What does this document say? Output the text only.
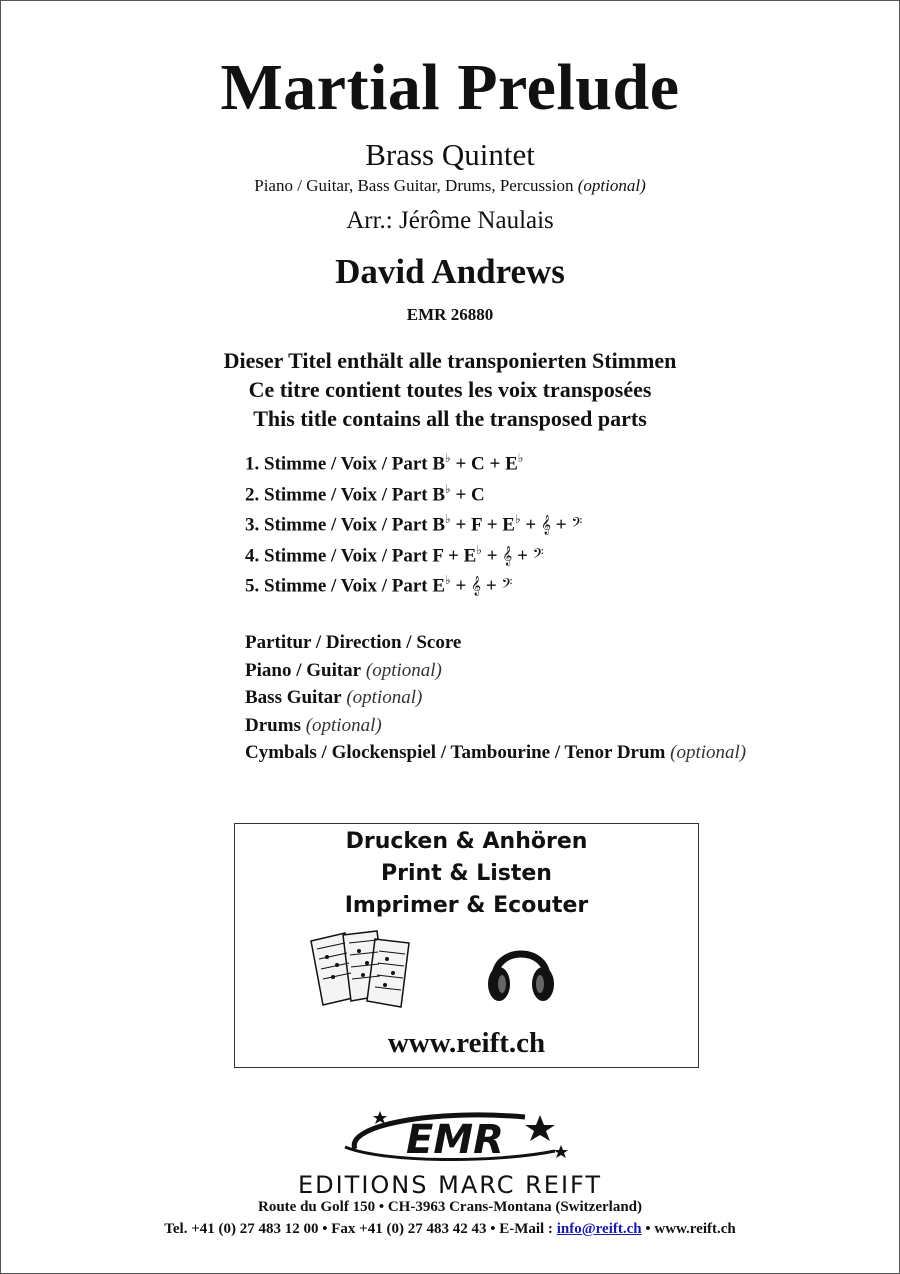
Martial Prelude
Brass Quintet
Piano / Guitar, Bass Guitar, Drums, Percussion (optional)
Arr.: Jérôme Naulais
David Andrews
EMR 26880
Dieser Titel enthält alle transponierten Stimmen
Ce titre contient toutes les voix transposées
This title contains all the transposed parts
1. Stimme / Voix / Part B♭ + C + E♭
2. Stimme / Voix / Part B♭ + C
3. Stimme / Voix / Part B♭ + F + E♭ + 𝄞 + 𝄢
4. Stimme / Voix / Part F + E♭ + 𝄞 + 𝄢
5. Stimme / Voix / Part E♭ + 𝄞 + 𝄢
Partitur / Direction / Score
Piano / Guitar (optional)
Bass Guitar (optional)
Drums (optional)
Cymbals / Glockenspiel / Tambourine / Tenor Drum (optional)
Drucken & Anhören
Print & Listen
Imprimer & Ecouter
www.reift.ch
EMR
EDITIONS MARC REIFT
Route du Golf 150 • CH-3963 Crans-Montana (Switzerland)
Tel. +41 (0) 27 483 12 00 • Fax +41 (0) 27 483 42 43 • E-Mail : info@reift.ch • www.reift.ch
